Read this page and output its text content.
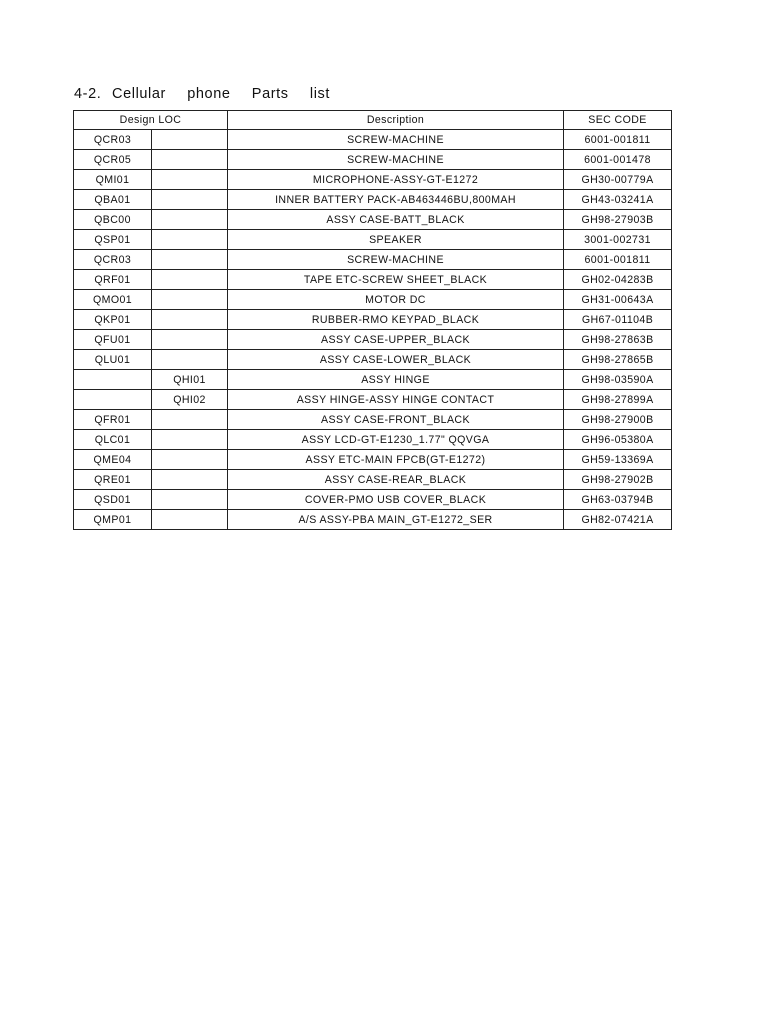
4-2. Cellular  phone  Parts  list
Design LOC		Description	SEC CODE
QCR03		SCREW-MACHINE	6001-001811
QCR05		SCREW-MACHINE	6001-001478
QMI01		MICROPHONE-ASSY-GT-E1272	GH30-00779A
QBA01		INNER BATTERY PACK-AB463446BU,800MAH	GH43-03241A
QBC00		ASSY CASE-BATT_BLACK	GH98-27903B
QSP01		SPEAKER	3001-002731
QCR03		SCREW-MACHINE	6001-001811
QRF01		TAPE ETC-SCREW SHEET_BLACK	GH02-04283B
QMO01		MOTOR DC	GH31-00643A
QKP01		RUBBER-RMO KEYPAD_BLACK	GH67-01104B
QFU01		ASSY CASE-UPPER_BLACK	GH98-27863B
QLU01		ASSY CASE-LOWER_BLACK	GH98-27865B
	QHI01	ASSY HINGE	GH98-03590A
	QHI02	ASSY HINGE-ASSY HINGE CONTACT	GH98-27899A
QFR01		ASSY CASE-FRONT_BLACK	GH98-27900B
QLC01		ASSY LCD-GT-E1230_1.77" QQVGA	GH96-05380A
QME04		ASSY ETC-MAIN FPCB(GT-E1272)	GH59-13369A
QRE01		ASSY CASE-REAR_BLACK	GH98-27902B
QSD01		COVER-PMO USB COVER_BLACK	GH63-03794B
QMP01		A/S ASSY-PBA MAIN_GT-E1272_SER	GH82-07421A
